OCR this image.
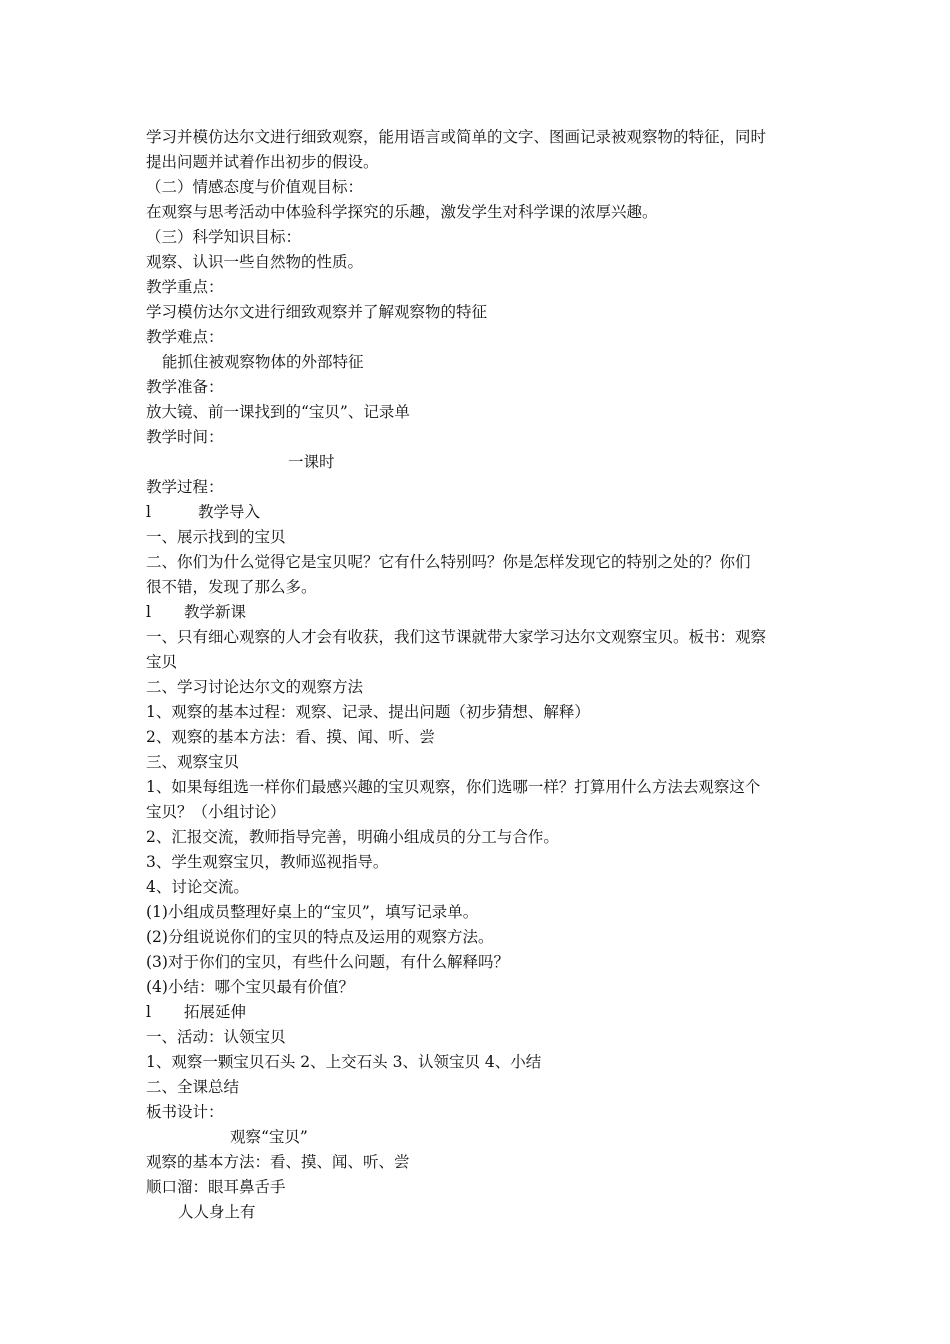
学习并模仿达尔文进行细致观察，能用语言或简单的文字、图画记录被观察物的特征，同时
提出问题并试着作出初步的假设。
（二）情感态度与价值观目标：
在观察与思考活动中体验科学探究的乐趣，激发学生对科学课的浓厚兴趣。
（三）科学知识目标：
观察、认识一些自然物的性质。
教学重点：
学习模仿达尔文进行细致观察并了解观察物的特征
教学难点：
能抓住被观察物体的外部特征
教学准备：
放大镜、前一课找到的“宝贝”、记录单
教学时间：
一课时
教学过程：
l	教学导入
一、展示找到的宝贝
二、你们为什么觉得它是宝贝呢？它有什么特别吗？你是怎样发现它的特别之处的？你们
很不错，发现了那么多。
l	教学新课
一、只有细心观察的人才会有收获，我们这节课就带大家学习达尔文观察宝贝。板书：观察
宝贝
二、学习讨论达尔文的观察方法
1、观察的基本过程：观察、记录、提出问题（初步猜想、解释）
2、观察的基本方法：看、摸、闻、听、尝
三、观察宝贝
1、如果每组选一样你们最感兴趣的宝贝观察，你们选哪一样？打算用什么方法去观察这个
宝贝？（小组讨论）
2、汇报交流，教师指导完善，明确小组成员的分工与合作。
3、学生观察宝贝，教师巡视指导。
4、讨论交流。
(1)小组成员整理好桌上的“宝贝”，填写记录单。
(2)分组说说你们的宝贝的特点及运用的观察方法。
(3)对于你们的宝贝，有些什么问题，有什么解释吗？
(4)小结：哪个宝贝最有价值？
l	拓展延伸
一、活动：认领宝贝
1、观察一颗宝贝石头 2、上交石头 3、认领宝贝 4、小结
二、全课总结
板书设计：
观察“宝贝”
观察的基本方法：看、摸、闻、听、尝
顺口溜：眼耳鼻舌手
人人身上有
